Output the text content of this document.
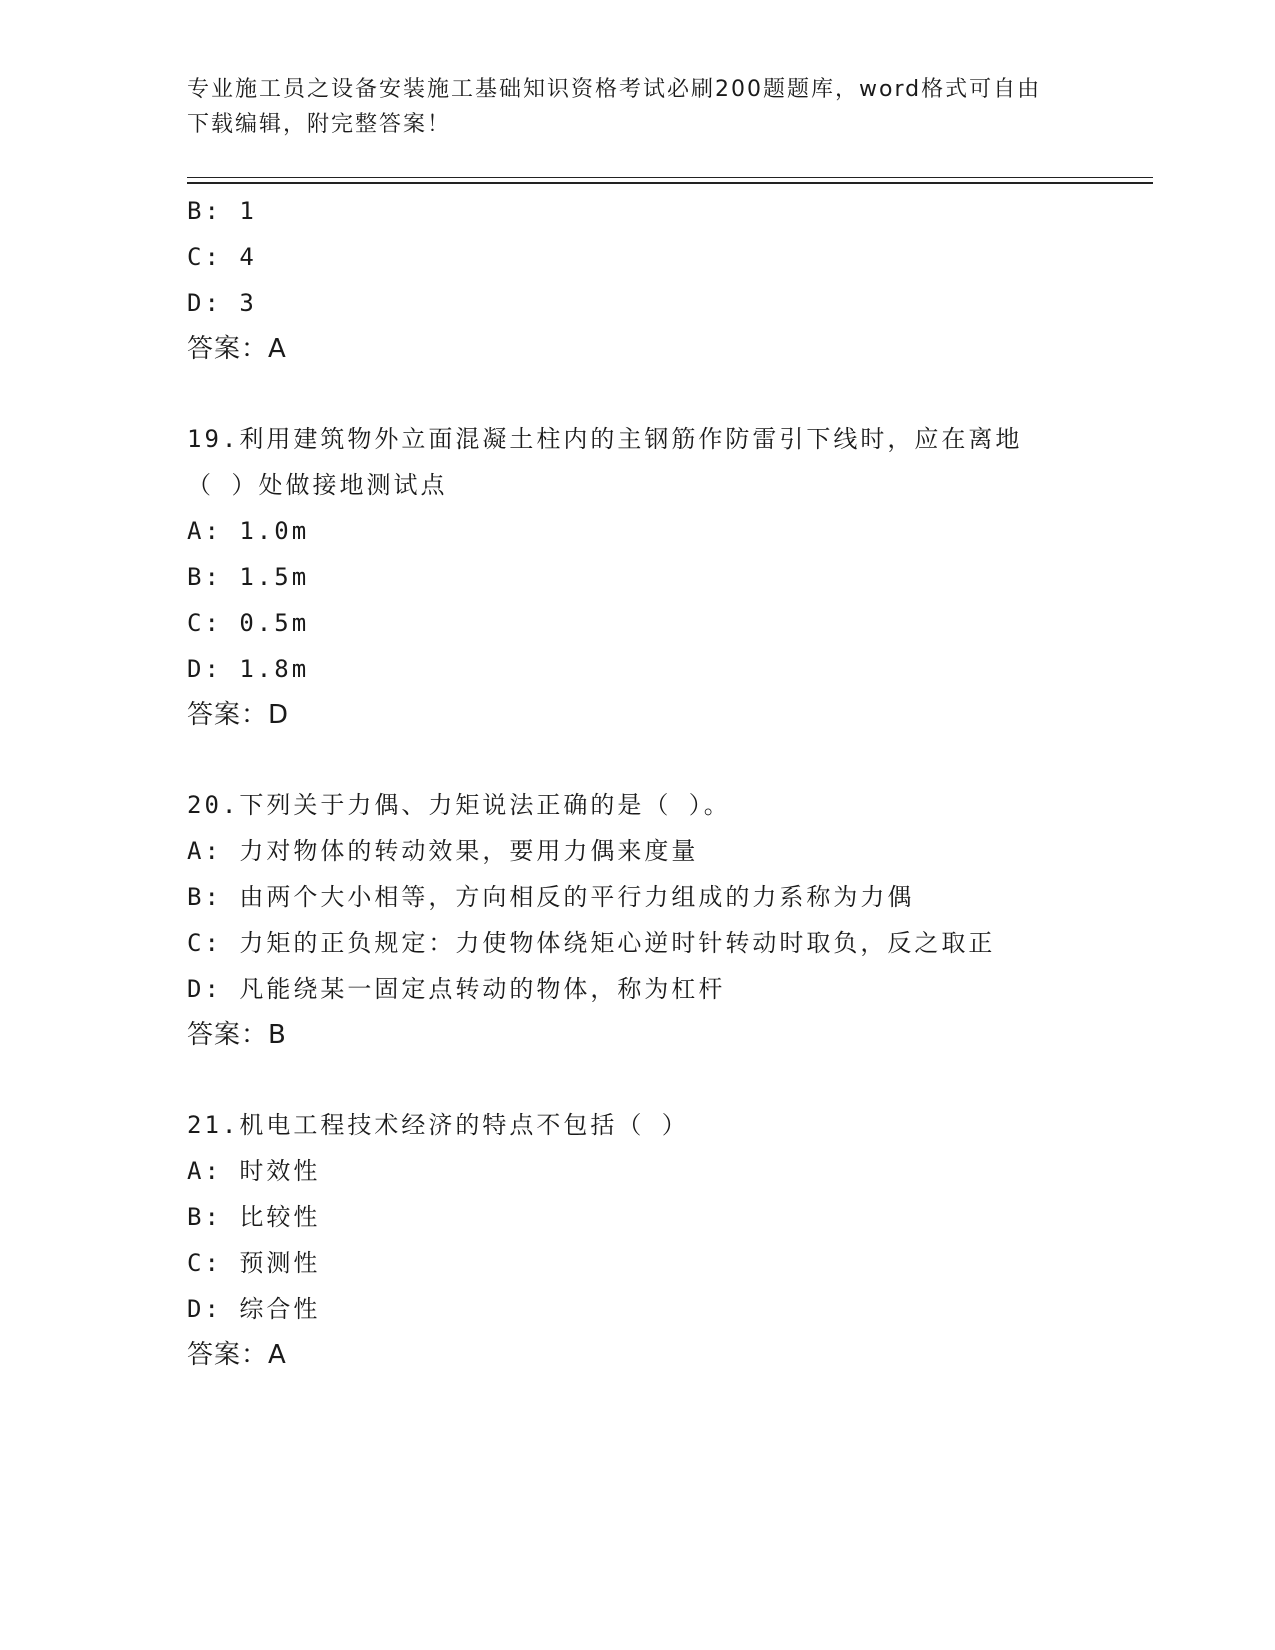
专业施工员之设备安装施工基础知识资格考试必刷200题题库，word格式可自由
下载编辑，附完整答案！
B: 1
C: 4
D: 3
答案：A
19.利用建筑物外立面混凝土柱内的主钢筋作防雷引下线时，应在离地
（ ）处做接地测试点
A: 1.0m
B: 1.5m
C: 0.5m
D: 1.8m
答案：D
20.下列关于力偶、力矩说法正确的是（ ）。
A: 力对物体的转动效果，要用力偶来度量
B: 由两个大小相等，方向相反的平行力组成的力系称为力偶
C: 力矩的正负规定：力使物体绕矩心逆时针转动时取负，反之取正
D: 凡能绕某一固定点转动的物体，称为杠杆
答案：B
21.机电工程技术经济的特点不包括（ ）
A: 时效性
B: 比较性
C: 预测性
D: 综合性
答案：A
